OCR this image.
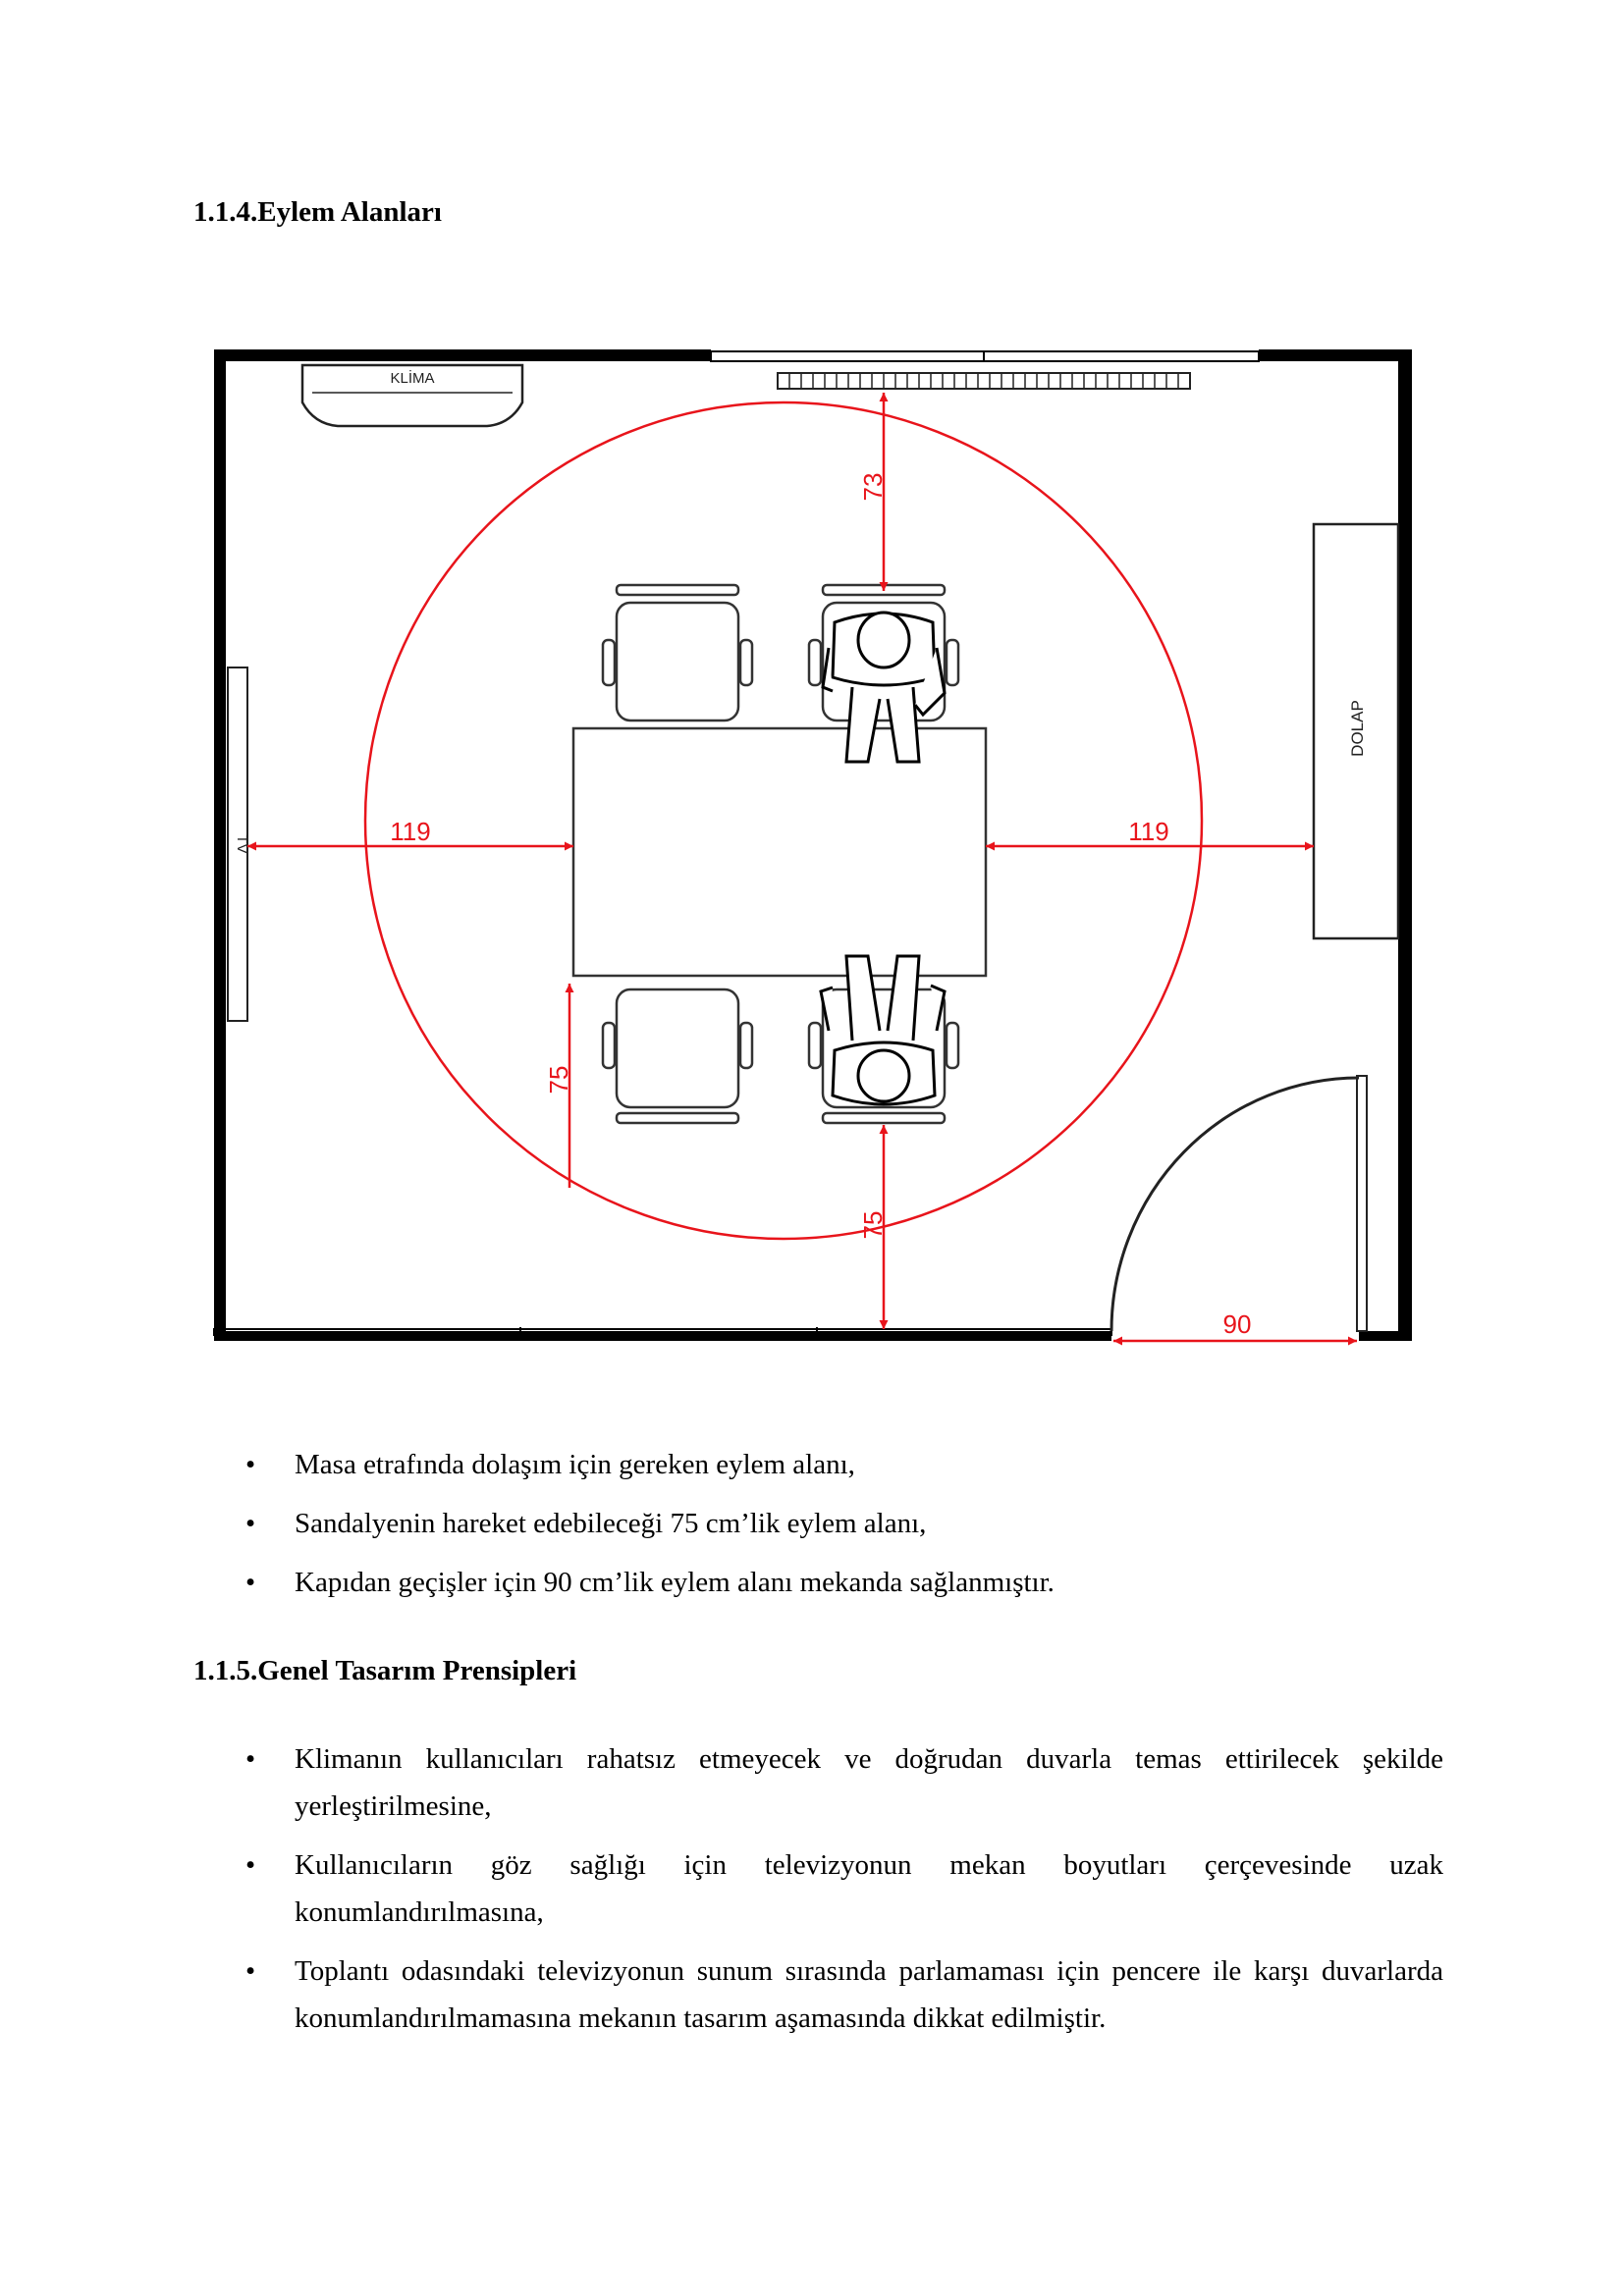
1.1.4.Eylem Alanları
KLİMA
TV
DOLAP
73
119	119
75
75
90
• Masa etrafında dolaşım için gereken eylem alanı,
• Sandalyenin hareket edebileceği 75 cm’lik eylem alanı,
• Kapıdan geçişler için 90 cm’lik eylem alanı mekanda sağlanmıştır.
1.1.5.Genel Tasarım Prensipleri
• Klimanın kullanıcıları rahatsız etmeyecek ve doğrudan duvarla temas ettirilecek şekilde yerleştirilmesine,
• Kullanıcıların göz sağlığı için televizyonun mekan boyutları çerçevesinde uzak konumlandırılmasına,
• Toplantı odasındaki televizyonun sunum sırasında parlamaması için pencere ile karşı duvarlarda konumlandırılmamasına mekanın tasarım aşamasında dikkat edilmiştir.
